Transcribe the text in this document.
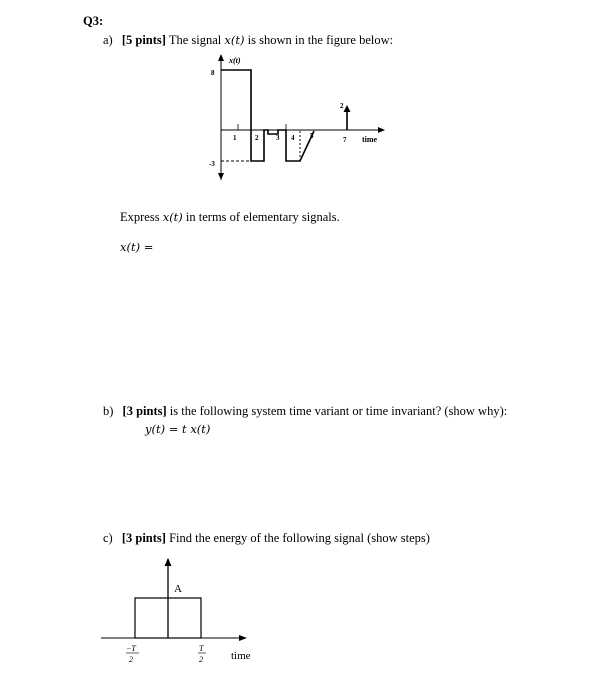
Q3:
a) [5 pints] The signal x(t) is shown in the figure below:
x(t)
8
-3
2
1	2	3 4 5	7 time
Express x(t) in terms of elementary signals.
x(t) =
b) [3 pints] is the following system time variant or time invariant? (show why):
y(t) = t x(t)
c) [3 pints] Find the energy of the following signal (show steps)
A
−T
2
T
2	time
